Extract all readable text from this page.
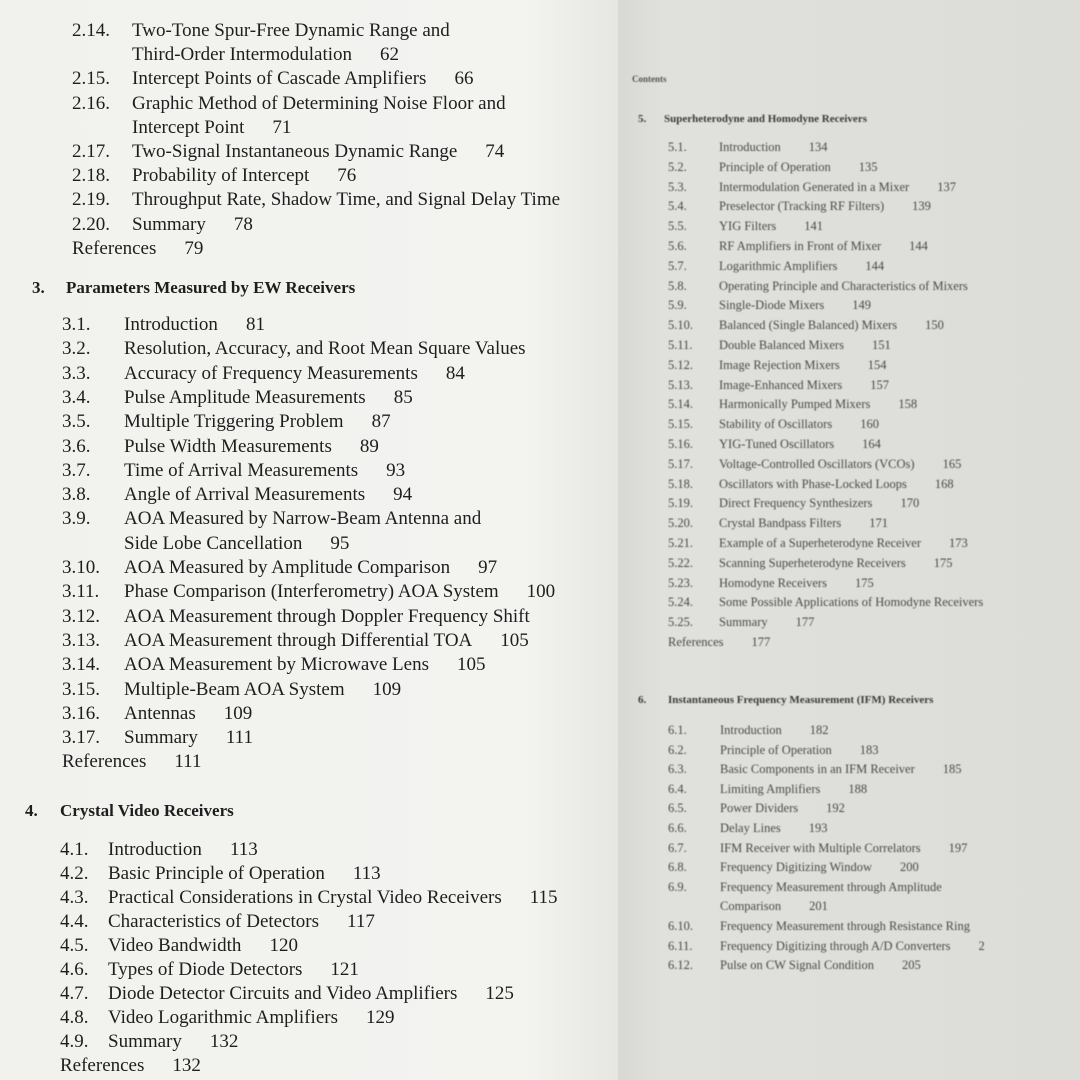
2.14. Two-Tone Spur-Free Dynamic Range and
Third-Order Intermodulation 62
2.15. Intercept Points of Cascade Amplifiers 66
2.16. Graphic Method of Determining Noise Floor and
Intercept Point 71
2.17. Two-Signal Instantaneous Dynamic Range 74
2.18. Probability of Intercept 76
2.19. Throughput Rate, Shadow Time, and Signal Delay Time
2.20. Summary 78
References 79
3. Parameters Measured by EW Receivers
3.1. Introduction 81
3.2. Resolution, Accuracy, and Root Mean Square Values
3.3. Accuracy of Frequency Measurements 84
3.4. Pulse Amplitude Measurements 85
3.5. Multiple Triggering Problem 87
3.6. Pulse Width Measurements 89
3.7. Time of Arrival Measurements 93
3.8. Angle of Arrival Measurements 94
3.9. AOA Measured by Narrow-Beam Antenna and
Side Lobe Cancellation 95
3.10. AOA Measured by Amplitude Comparison 97
3.11. Phase Comparison (Interferometry) AOA System 100
3.12. AOA Measurement through Doppler Frequency Shift
3.13. AOA Measurement through Differential TOA 105
3.14. AOA Measurement by Microwave Lens 105
3.15. Multiple-Beam AOA System 109
3.16. Antennas 109
3.17. Summary 111
References 111
4. Crystal Video Receivers
4.1. Introduction 113
4.2. Basic Principle of Operation 113
4.3. Practical Considerations in Crystal Video Receivers 115
4.4. Characteristics of Detectors 117
4.5. Video Bandwidth 120
4.6. Types of Diode Detectors 121
4.7. Diode Detector Circuits and Video Amplifiers 125
4.8. Video Logarithmic Amplifiers 129
4.9. Summary 132
References 132
Contents
5. Superheterodyne and Homodyne Receivers
5.1.	Introduction 134
5.2.	Principle of Operation 135
5.3.	Intermodulation Generated in a Mixer 137
5.4.	Preselector (Tracking RF Filters) 139
5.5.	YIG Filters 141
5.6.	RF Amplifiers in Front of Mixer 144
5.7.	Logarithmic Amplifiers 144
5.8.	Operating Principle and Characteristics of Mixers
5.9.	Single-Diode Mixers 149
5.10. Balanced (Single Balanced) Mixers 150
5.11. Double Balanced Mixers 151
5.12. Image Rejection Mixers 154
5.13. Image-Enhanced Mixers 157
5.14. Harmonically Pumped Mixers 158
5.15. Stability of Oscillators 160
5.16. YIG-Tuned Oscillators 164
5.17. Voltage-Controlled Oscillators (VCOs) 165
5.18. Oscillators with Phase-Locked Loops 168
5.19. Direct Frequency Synthesizers 170
5.20. Crystal Bandpass Filters 171
5.21. Example of a Superheterodyne Receiver 173
5.22. Scanning Superheterodyne Receivers 175
5.23. Homodyne Receivers 175
5.24. Some Possible Applications of Homodyne Receivers
5.25. Summary 177
References 177
6. Instantaneous Frequency Measurement (IFM) Receivers
6.1.	Introduction 182
6.2.	Principle of Operation 183
6.3.	Basic Components in an IFM Receiver 185
6.4.	Limiting Amplifiers 188
6.5.	Power Dividers 192
6.6.	Delay Lines 193
6.7.	IFM Receiver with Multiple Correlators 197
6.8.	Frequency Digitizing Window 200
6.9.	Frequency Measurement through Amplitude
Comparison 201
6.10. Frequency Measurement through Resistance Ring
6.11. Frequency Digitizing through A/D Converters 2
6.12. Pulse on CW Signal Condition 205
